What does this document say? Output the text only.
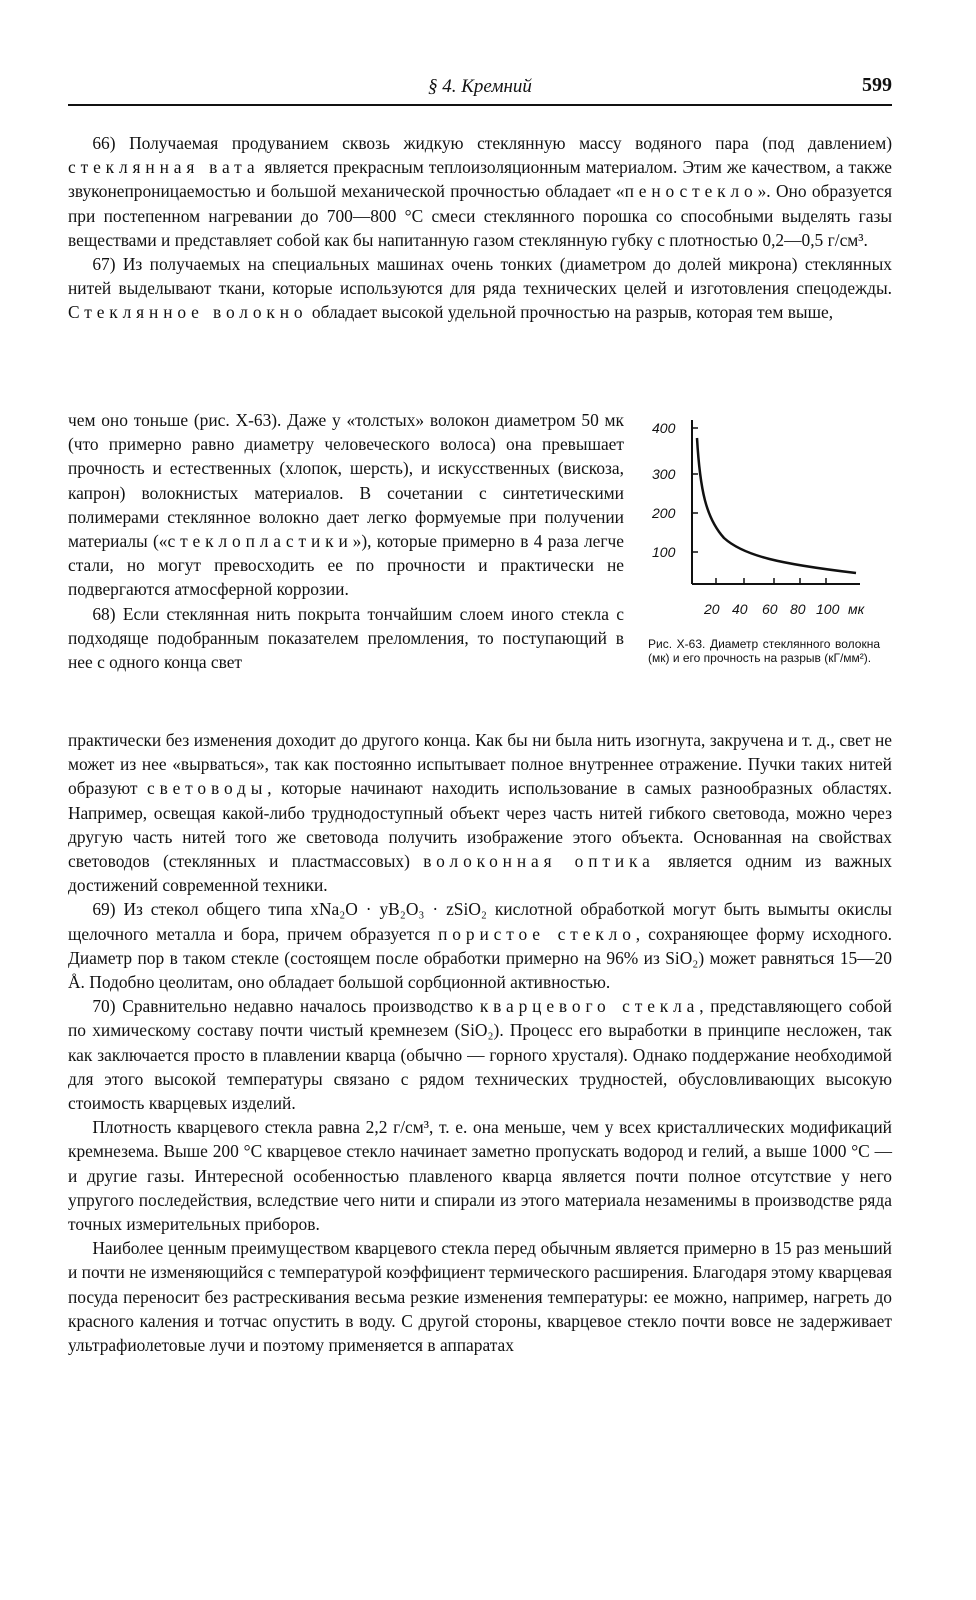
§ 4. Кремний	599

66) Получаемая продуванием сквозь жидкую стеклянную массу водяного пара (под давлением) стеклянная вата является прекрасным теплоизоляционным материалом. Этим же качеством, а также звуконепроницаемостью и большой механической прочностью обладает «пеностекло». Оно образуется при постепенном нагревании до 700—800 °С смеси стеклянного порошка со способными выделять газы веществами и представляет собой как бы напитанную газом стеклянную губку с плотностью 0,2—0,5 г/см³.

67) Из получаемых на специальных машинах очень тонких (диаметром до долей микрона) стеклянных нитей выделывают ткани, которые используются для ряда технических целей и изготовления спецодежды. Стеклянное волокно обладает высокой удельной прочностью на разрыв, которая тем выше,

чем оно тоньше (рис. X-63). Даже у «толстых» волокон диаметром 50 мк (что примерно равно диаметру человеческого волоса) она превышает прочность и естественных (хлопок, шерсть), и искусственных (вискоза, капрон) волокнистых материалов. В сочетании с синтетическими полимерами стеклянное волокно дает легко формуемые при получении материалы («стеклопластики»), которые примерно в 4 раза легче стали, но могут превосходить ее по прочности и практически не подвергаются атмосферной коррозии.

68) Если стеклянная нить покрыта тончайшим слоем иного стекла с подходяще подобранным показателем преломления, то поступающий в нее с одного конца свет

400
300
200
100
20 40 60 80 100 мк
Рис. X-63. Диаметр стеклянного волокна (мк) и его прочность на разрыв (кГ/мм²).

практически без изменения доходит до другого конца. Как бы ни была нить изогнута, закручена и т. д., свет не может из нее «вырваться», так как постоянно испытывает полное внутреннее отражение. Пучки таких нитей образуют световоды, которые начинают находить использование в самых разнообразных областях. Например, освещая какой-либо труднодоступный объект через часть нитей гибкого световода, можно через другую часть нитей того же световода получить изображение этого объекта. Основанная на свойствах световодов (стеклянных и пластмассовых) волоконная оптика является одним из важных достижений современной техники.

69) Из стекол общего типа xNa₂O · yB₂O₃ · zSiO₂ кислотной обработкой могут быть вымыты окислы щелочного металла и бора, причем образуется пористое стекло, сохраняющее форму исходного. Диаметр пор в таком стекле (состоящем после обработки примерно на 96% из SiO₂) может равняться 15—20 Å. Подобно цеолитам, оно обладает большой сорбционной активностью.

70) Сравнительно недавно началось производство кварцевого стекла, представляющего собой по химическому составу почти чистый кремнезем (SiO₂). Процесс его выработки в принципе несложен, так как заключается просто в плавлении кварца (обычно — горного хрусталя). Однако поддержание необходимой для этого высокой температуры связано с рядом технических трудностей, обусловливающих высокую стоимость кварцевых изделий.

Плотность кварцевого стекла равна 2,2 г/см³, т. е. она меньше, чем у всех кристаллических модификаций кремнезема. Выше 200 °С кварцевое стекло начинает заметно пропускать водород и гелий, а выше 1000 °С — и другие газы. Интересной особенностью плавленого кварца является почти полное отсутствие у него упругого последействия, вследствие чего нити и спирали из этого материала незаменимы в производстве ряда точных измерительных приборов.

Наиболее ценным преимуществом кварцевого стекла перед обычным является примерно в 15 раз меньший и почти не изменяющийся с температурой коэффициент термического расширения. Благодаря этому кварцевая посуда переносит без растрескивания весьма резкие изменения температуры: ее можно, например, нагреть до красного каления и тотчас опустить в воду. С другой стороны, кварцевое стекло почти вовсе не задерживает ультрафиолетовые лучи и поэтому применяется в аппаратах
